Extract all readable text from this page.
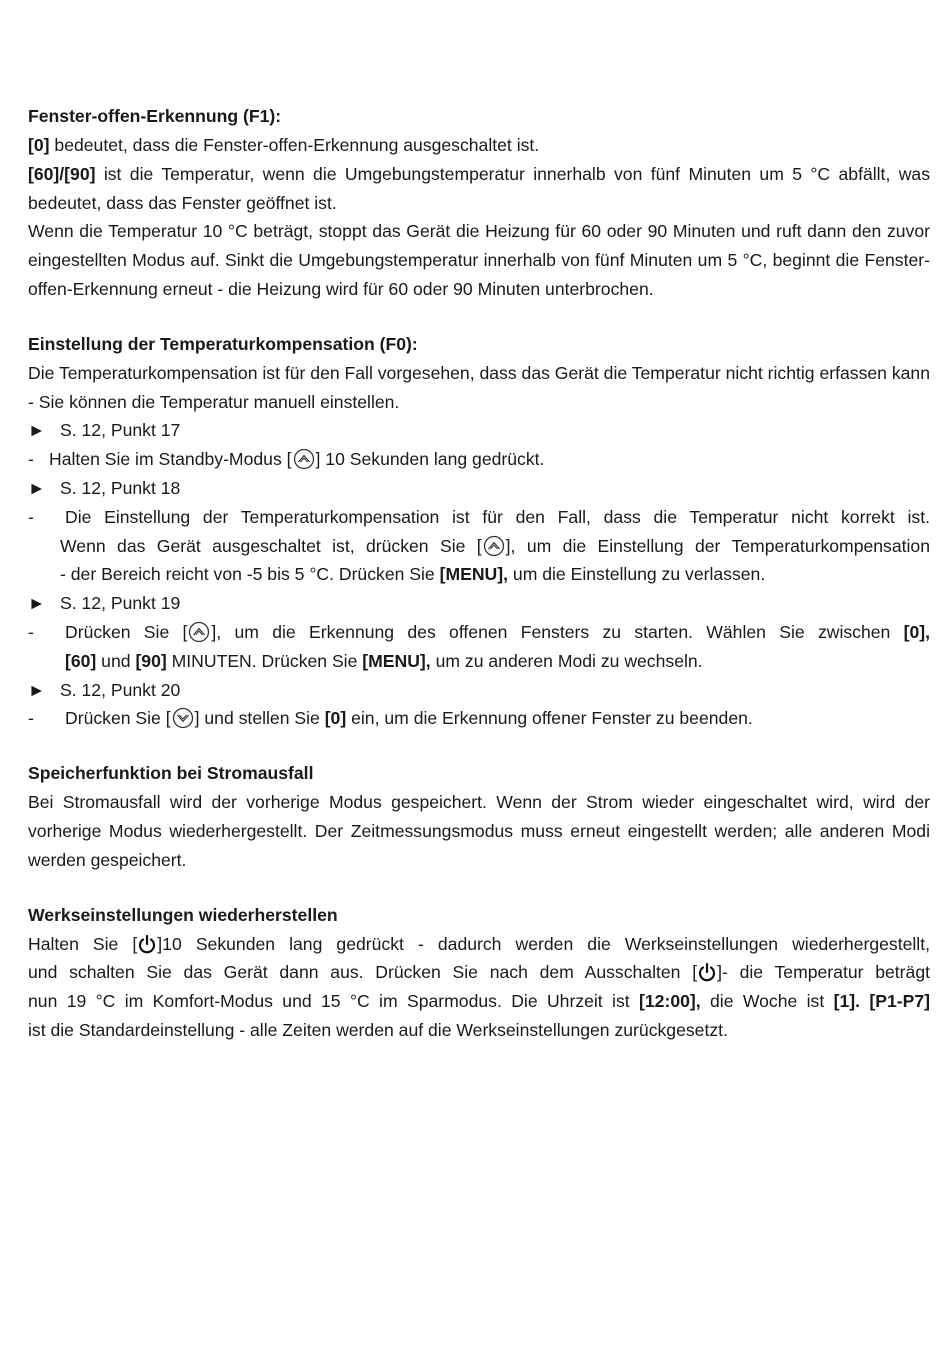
Fenster-offen-Erkennung (F1):
[0] bedeutet, dass die Fenster-offen-Erkennung ausgeschaltet ist.
[60]/[90] ist die Temperatur, wenn die Umgebungstemperatur innerhalb von fünf Minuten um 5 °C abfällt, was bedeutet, dass das Fenster geöffnet ist.
Wenn die Temperatur 10 °C beträgt, stoppt das Gerät die Heizung für 60 oder 90 Minuten und ruft dann den zuvor eingestellten Modus auf. Sinkt die Umgebungstemperatur innerhalb von fünf Minuten um 5 °C, beginnt die Fenster-offen-Erkennung erneut - die Heizung wird für 60 oder 90 Minuten unterbrochen.
Einstellung der Temperaturkompensation (F0):
Die Temperaturkompensation ist für den Fall vorgesehen, dass das Gerät die Temperatur nicht richtig erfassen kann - Sie können die Temperatur manuell einstellen.
► S. 12, Punkt 17
- Halten Sie im Standby-Modus [ ] 10 Sekunden lang gedrückt.
► S. 12, Punkt 18
-	Die Einstellung der Temperaturkompensation ist für den Fall, dass die Temperatur nicht korrekt ist.
Wenn das Gerät ausgeschaltet ist, drücken Sie [ ], um die Einstellung der Temperaturkompensation
- der Bereich reicht von -5 bis 5 °C. Drücken Sie [MENU], um die Einstellung zu verlassen.
► S. 12, Punkt 19
-	Drücken Sie [ ], um die Erkennung des offenen Fensters zu starten. Wählen Sie zwischen [0],
[60] und [90] MINUTEN. Drücken Sie [MENU], um zu anderen Modi zu wechseln.
► S. 12, Punkt 20
-	Drücken Sie [ ] und stellen Sie [0] ein, um die Erkennung offener Fenster zu beenden.
Speicherfunktion bei Stromausfall
Bei Stromausfall wird der vorherige Modus gespeichert. Wenn der Strom wieder eingeschaltet wird, wird der vorherige Modus wiederhergestellt. Der Zeitmessungsmodus muss erneut eingestellt werden; alle anderen Modi werden gespeichert.
Werkseinstellungen wiederherstellen
Halten Sie [ ]10 Sekunden lang gedrückt - dadurch werden die Werkseinstellungen wiederhergestellt,
und schalten Sie das Gerät dann aus. Drücken Sie nach dem Ausschalten [ ]- die Temperatur beträgt
nun 19 °C im Komfort-Modus und 15 °C im Sparmodus. Die Uhrzeit ist [12:00], die Woche ist [1]. [P1-P7]
ist die Standardeinstellung - alle Zeiten werden auf die Werkseinstellungen zurückgesetzt.
